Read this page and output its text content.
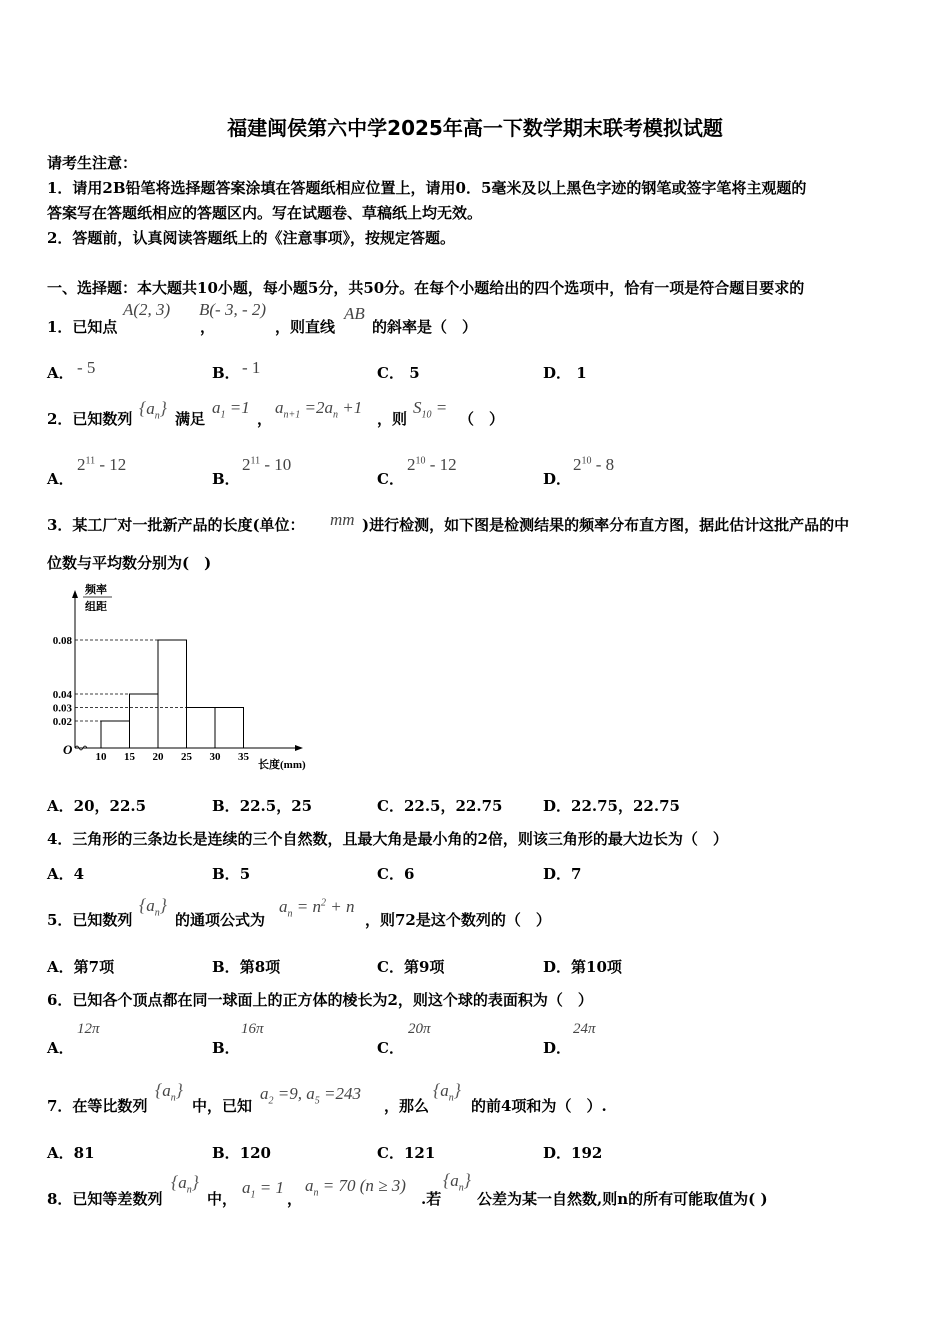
福建闽侯第六中学2025年高一下数学期末联考模拟试题
请考生注意：
1．请用2B铅笔将选择题答案涂填在答题纸相应位置上，请用0．5毫米及以上黑色字迹的钢笔或签字笔将主观题的
答案写在答题纸相应的答题区内。写在试题卷、草稿纸上均无效。
2．答题前，认真阅读答题纸上的《注意事项》，按规定答题。
一、选择题：本大题共10小题，每小题5分，共50分。在每个小题给出的四个选项中，恰有一项是符合题目要求的
1．已知点
A(2, 3)
，
B(- 3, - 2)
，则直线
AB
的斜率是（　）
A． - 5	B． - 1	C． 5	D． 1
2．已知数列
$\{a_n\}$
满足
$a_1 =1$
，
$a_{n+1} =2a_n +1$
，则
$S_{10}$ =
（　）
A．
$2^{11} - 12$
B．
$2^{11} - 10$
C．
$2^{10} - 12$
D．
$2^{10} - 8$
3．某工厂对一批新产品的长度(单位： mm )进行检测，如下图是检测结果的频率分布直方图，据此估计这批产品的中
位数与平均数分别为(　)
频率
组距
O
长度(mm)
10 15 20 25 30 35
0.08
0.04
0.03
0.02
A．20，22.5	B．22.5，25	C．22.5，22.75	D．22.75，22.75
4．三角形的三条边长是连续的三个自然数，且最大角是最小角的2倍，则该三角形的最大边长为（　）
A．4	B．5	C．6	D．7
5．已知数列
$\{a_n\}$
的通项公式为
$a_n = n^2 + n$
，则72是这个数列的（　）
A．第7项	B．第8项	C．第9项	D．第10项
6．已知各个顶点都在同一球面上的正方体的棱长为2，则这个球的表面积为（　）
A．
12π
B．
16π
C．
20π
D．
24π
7．在等比数列
$\{a_n\}$
中，已知
$a_2 =9$, $a_5 =243$
，那么
$\{a_n\}$
的前4项和为（　）.
A．81	B．120	C．121	D．192
8．已知等差数列
$\{a_n\}$
中，
$a_1 = 1$
，
$a_n = 70$ (n ≥ 3)
.若
$\{a_n\}$
公差为某一自然数,则n的所有可能取值为( )
